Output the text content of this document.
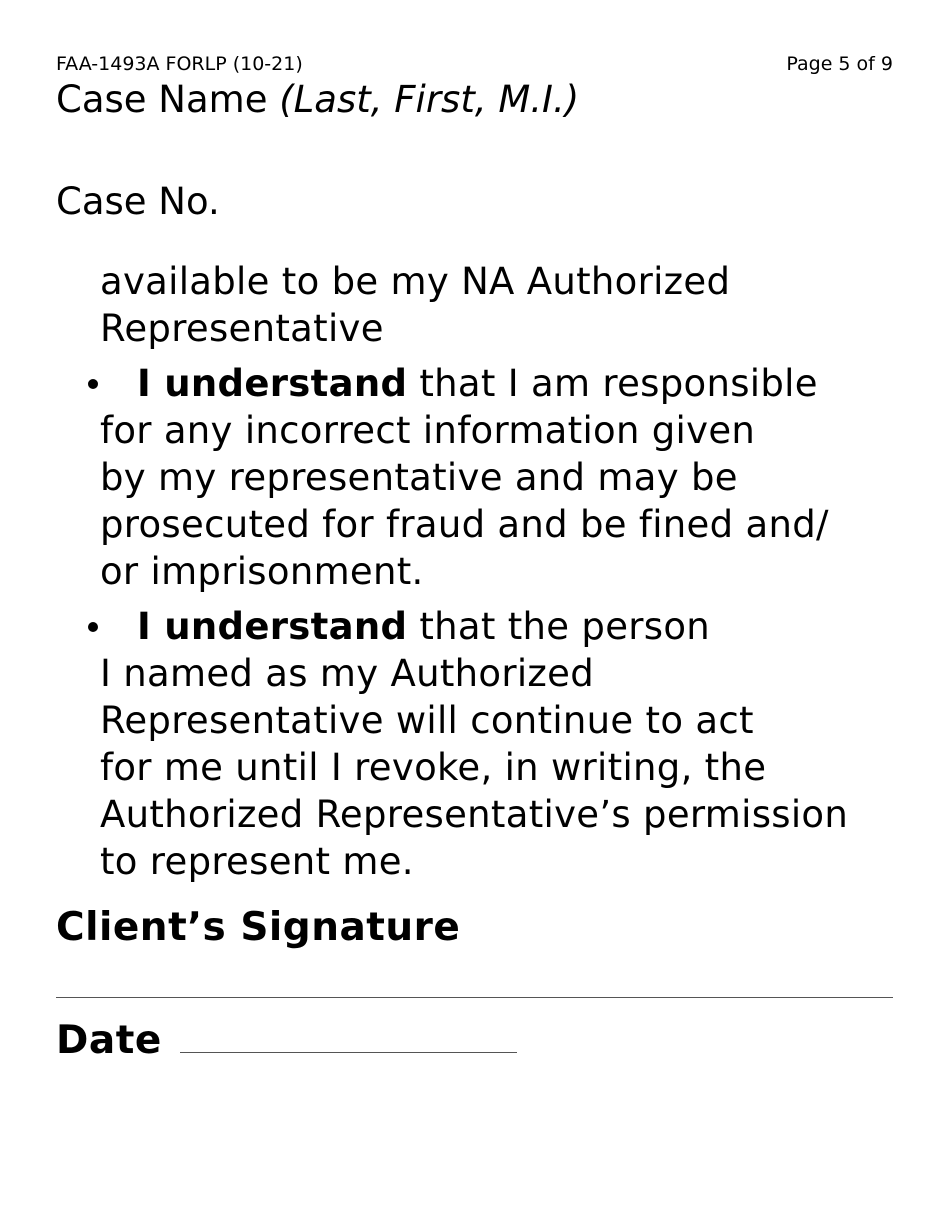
FAA-1493A FORLP (10-21)	Page 5 of 9
Case Name (Last, First, M.I.)
Case No.
available to be my NA Authorized
Representative
I understand that I am responsible
for any incorrect information given
by my representative and may be
prosecuted for fraud and be fined and/
or imprisonment.
I understand that the person
I named as my Authorized
Representative will continue to act
for me until I revoke, in writing, the
Authorized Representative’s permission
to represent me.
Client’s Signature
Date
